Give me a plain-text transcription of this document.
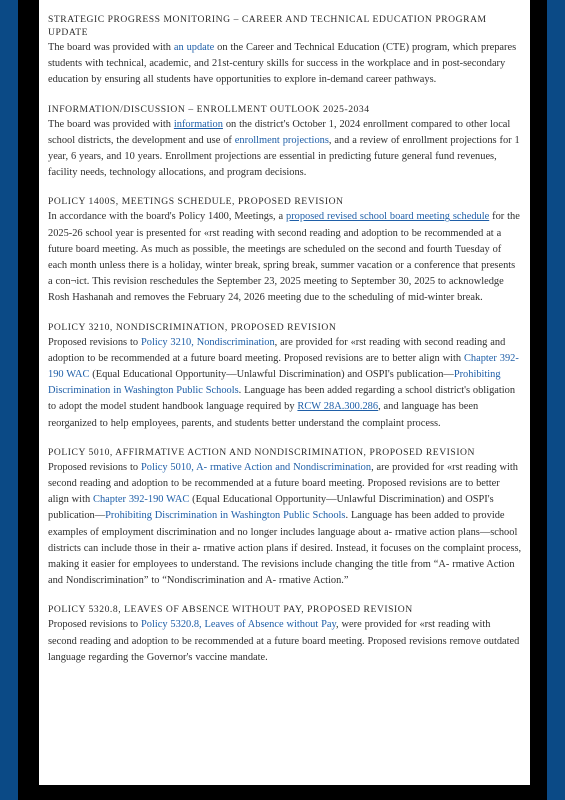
STRATEGIC PROGRESS MONITORING – CAREER AND TECHNICAL EDUCATION PROGRAM UPDATE

The board was provided with an update on the Career and Technical Education (CTE) program, which prepares students with technical, academic, and 21st-century skills for success in the workplace and in post-secondary education by ensuring all students have opportunities to explore in-demand career pathways.

INFORMATION/DISCUSSION – ENROLLMENT OUTLOOK 2025-2034

The board was provided with information on the district's October 1, 2024 enrollment compared to other local school districts, the development and use of enrollment projections, and a review of enrollment projections for 1 year, 6 years, and 10 years. Enrollment projections are essential in predicting future general fund revenues, facility needs, technology allocations, and program decisions.

POLICY 1400S, MEETINGS SCHEDULE, PROPOSED REVISION

In accordance with the board's Policy 1400, Meetings, a proposed revised school board meeting schedule for the 2025-26 school year is presented for «rst reading with second reading and adoption to be recommended at a future board meeting. As much as possible, the meetings are scheduled on the second and fourth Tuesday of each month unless there is a holiday, winter break, spring break, summer vacation or a conference that presents a con¬ict. This revision reschedules the September 23, 2025 meeting to September 30, 2025 to acknowledge Rosh Hashanah and removes the February 24, 2026 meeting due to the scheduling of mid-winter break.

POLICY 3210, NONDISCRIMINATION, PROPOSED REVISION

Proposed revisions to Policy 3210, Nondiscrimination, are provided for «rst reading with second reading and adoption to be recommended at a future board meeting. Proposed revisions are to better align with Chapter 392-190 WAC (Equal Educational Opportunity—Unlawful Discrimination) and OSPI's publication—Prohibiting Discrimination in Washington Public Schools. Language has been added regarding a school district's obligation to adopt the model student handbook language required by RCW 28A.300.286, and language has been reorganized to help employees, parents, and students better understand the complaint process.

POLICY 5010, AFFIRMATIVE ACTION AND NONDISCRIMINATION, PROPOSED REVISION

Proposed revisions to Policy 5010, A- rmative Action and Nondiscrimination, are provided for «rst reading with second reading and adoption to be recommended at a future board meeting. Proposed revisions are to better align with Chapter 392-190 WAC (Equal Educational Opportunity—Unlawful Discrimination) and OSPI's publication—Prohibiting Discrimination in Washington Public Schools. Language has been added to provide examples of employment discrimination and no longer includes language about a- rmative action plans—school districts can include those in their a- rmative action plans if desired. Instead, it focuses on the complaint process, making it easier for employees to understand. The revisions include changing the title from “A- rmative Action and Nondiscrimination” to “Nondiscrimination and A- rmative Action.”

POLICY 5320.8, LEAVES OF ABSENCE WITHOUT PAY, PROPOSED REVISION

Proposed revisions to Policy 5320.8, Leaves of Absence without Pay, were provided for «rst reading with second reading and adoption to be recommended at a future board meeting. Proposed revisions remove outdated language regarding the Governor's vaccine mandate.
